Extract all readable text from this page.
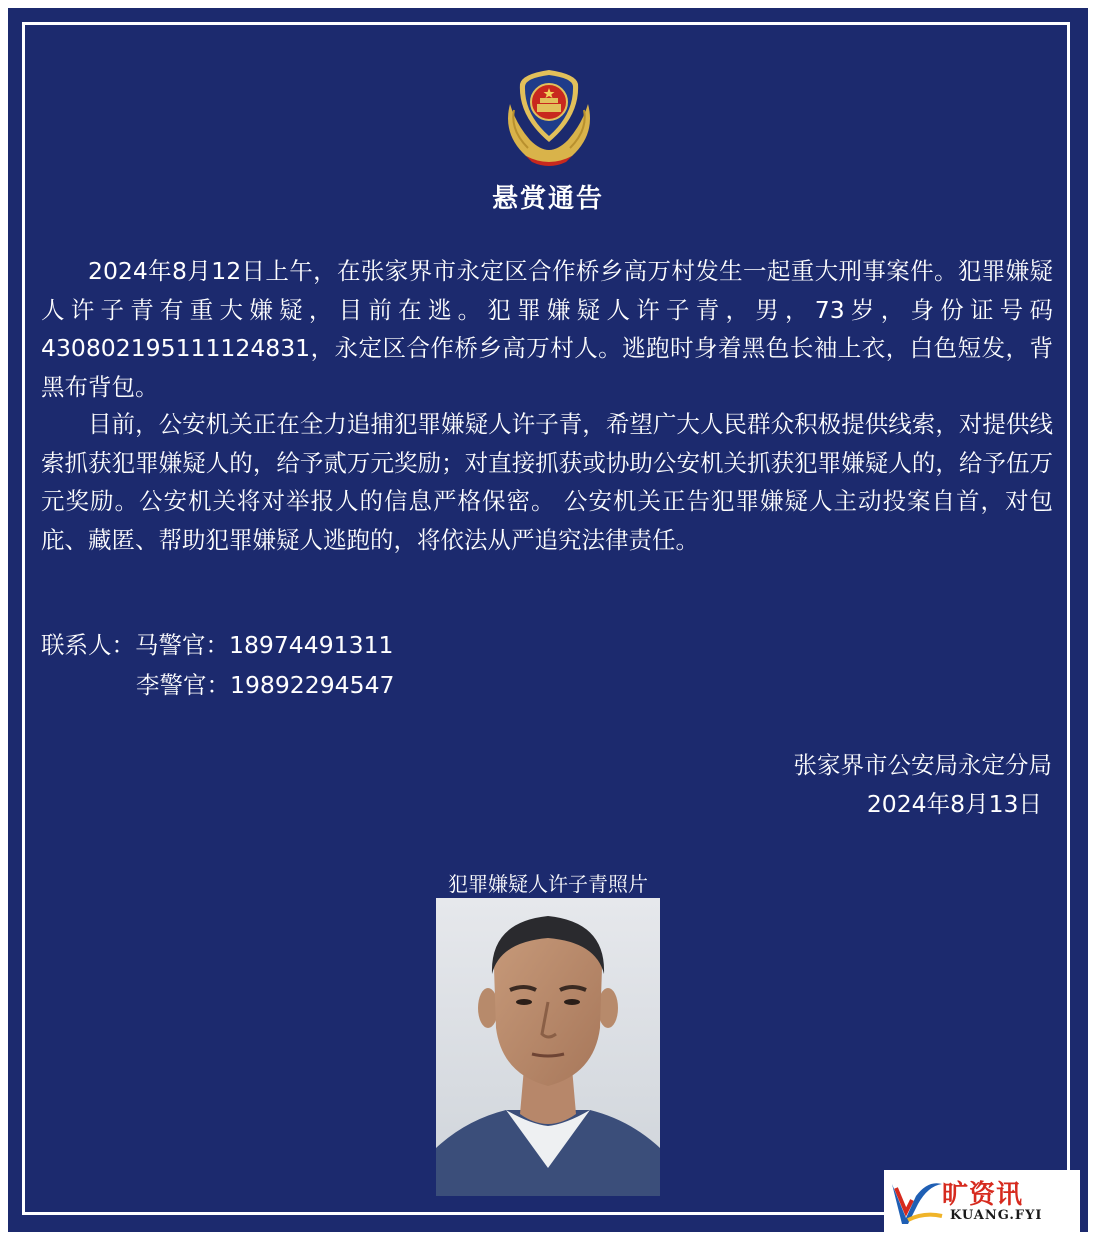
悬赏通告

2024年8月12日上午，在张家界市永定区合作桥乡高万村发生一起重大刑事案件。犯罪嫌疑人许子青有重大嫌疑，目前在逃。犯罪嫌疑人许子青，男，73岁，身份证号码430802195111124831，永定区合作桥乡高万村人。逃跑时身着黑色长袖上衣，白色短发，背黑布背包。

目前，公安机关正在全力追捕犯罪嫌疑人许子青，希望广大人民群众积极提供线索，对提供线索抓获犯罪嫌疑人的，给予贰万元奖励；对直接抓获或协助公安机关抓获犯罪嫌疑人的，给予伍万元奖励。公安机关将对举报人的信息严格保密。 公安机关正告犯罪嫌疑人主动投案自首，对包庇、藏匿、帮助犯罪嫌疑人逃跑的，将依法从严追究法律责任。

联系人：马警官：18974491311
李警官：19892294547
张家界市公安局永定分局
2024年8月13日
犯罪嫌疑人许子青照片
旷资讯
KUANG.FYI
